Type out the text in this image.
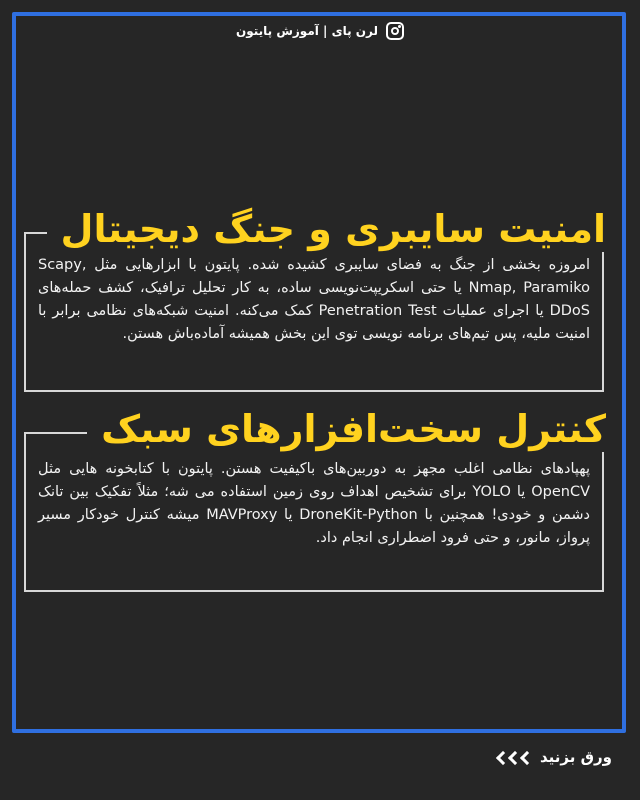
لرن پای | آموزش پایتون
امنیت سایبری و جنگ دیجیتال
امروزه بخشی از جنگ به فضای سایبری کشیده شده. پایتون با ابزارهایی مثل Scapy, Nmap, Paramiko یا حتی اسکریپت‌نویسی ساده، به کار تحلیل ترافیک، کشف حمله‌های DDoS یا اجرای عملیات Penetration Test کمک می‌کنه. امنیت شبکه‌های نظامی برابر با امنیت ملیه، پس تیم‌های برنامه نویسی توی این بخش همیشه آماده‌باش هستن.
کنترل سخت‌افزارهای سبک
پهپادهای نظامی اغلب مجهز به دوربین‌های باکیفیت هستن. پایتون با کتابخونه هایی مثل OpenCV یا YOLO برای تشخیص اهداف روی زمین استفاده می شه؛ مثلاً تفکیک بین تانک دشمن و خودی! همچنین با DroneKit-Python یا MAVProxy میشه کنترل خودکار مسیر پرواز، مانور، و حتی فرود اضطراری انجام داد.
ورق بزنید
